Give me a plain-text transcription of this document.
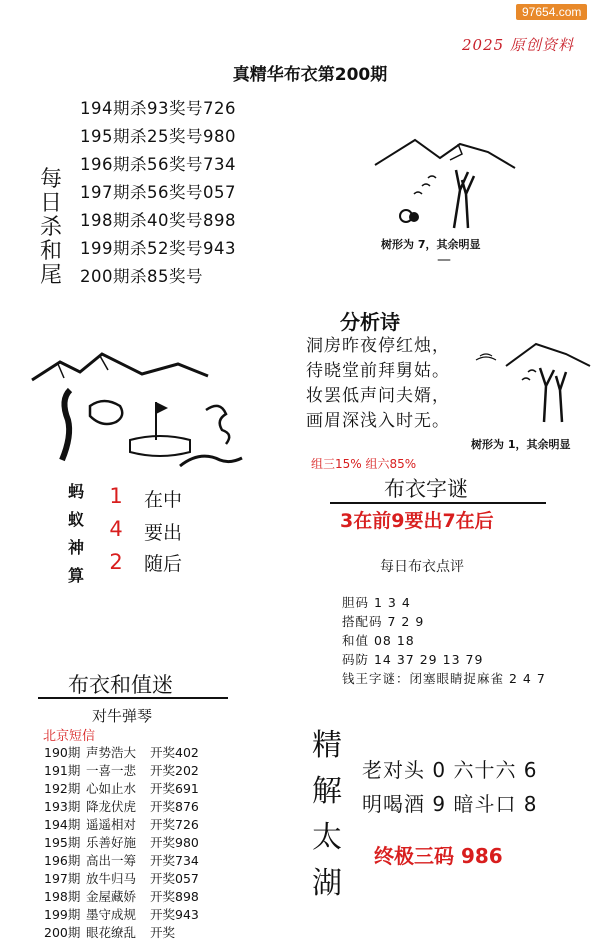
97654.com
2025 原创资料
真精华布衣第200期
每
日
杀
和
尾
194期杀93奖号726
195期杀25奖号980
196期杀56奖号734
197期杀56奖号057
198期杀40奖号898
199期杀52奖号943
200期杀85奖号
树形为 7，其余明显
—
分析诗
洞房昨夜停红烛，
待晓堂前拜舅姑。
妆罢低声问夫婿，
画眉深浅入时无。
树形为 1，其余明显
组三15% 组六85%
蚂
蚁
神
算
1 在中
4 要出
2 随后
布衣字谜
3在前9要出7在后
每日布衣点评
胆码 1 3 4
搭配码 7 2 9
和值 08 18
码防 14 37 29 13 79
钱王字谜：闭塞眼睛捉麻雀 2 4 7
布衣和值迷
对牛弹琴
北京短信
190期 声势浩大 开奖402
191期 一喜一悲 开奖202
192期 心如止水 开奖691
193期 降龙伏虎 开奖876
194期 遥遥相对 开奖726
195期 乐善好施 开奖980
196期 高出一筹 开奖734
197期 放牛归马 开奖057
198期 金屋藏娇 开奖898
199期 墨守成规 开奖943
200期 眼花缭乱 开奖
精
解
太
湖
老对头 0 六十六 6
明喝酒 9 暗斗口 8
终极三码 986
